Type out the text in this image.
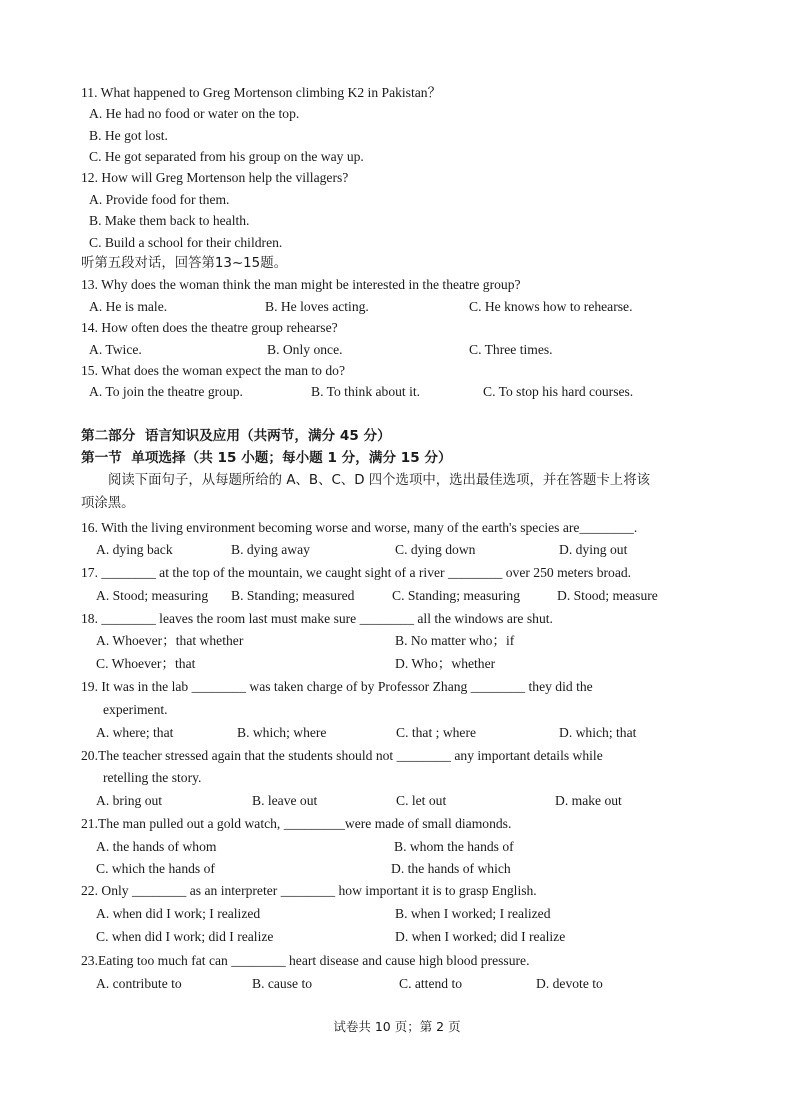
11. What happened to Greg Mortenson climbing K2 in Pakistan？
A. He had no food or water on the top.
B. He got lost.
C. He got separated from his group on the way up.
12. How will Greg Mortenson help the villagers?
A. Provide food for them.
B. Make them back to health.
C. Build a school for their children.
听第五段对话，回答第13~15题。
13. Why does the woman think the man might be interested in the theatre group?
A. He is male.	B. He loves acting.	C. He knows how to rehearse.
14. How often does the theatre group rehearse?
A. Twice.	B. Only once.	C. Three times.
15. What does the woman expect the man to do?
A. To join the theatre group.	B. To think about it.	C. To stop his hard courses.
第二部分  语言知识及应用（共两节，满分 45 分）
第一节  单项选择（共 15 小题；每小题 1 分，满分 15 分）
阅读下面句子，从每题所给的 A、B、C、D 四个选项中，选出最佳选项，并在答题卡上将该
项涂黑。
16. With the living environment becoming worse and worse, many of the earth's species are________.
A. dying back	B. dying away	C. dying down	D. dying out
17. ________ at the top of the mountain, we caught sight of a river ________ over 250 meters broad.
A. Stood; measuring B. Standing; measured	C. Standing; measuring	D. Stood; measure
18. ________ leaves the room last must make sure ________ all the windows are shut.
A. Whoever；that whether	B. No matter who；if
C. Whoever；that	D. Who；whether
19. It was in the lab ________ was taken charge of by Professor Zhang ________ they did the
experiment.
A. where; that	B. which; where	C. that ; where	D. which; that
20.The teacher stressed again that the students should not ________ any important details while
retelling the story.
A. bring out	B. leave out	C. let out	D. make out
21.The man pulled out a gold watch, _________were made of small diamonds.
A. the hands of whom	B. whom the hands of
C. which the hands of	D. the hands of which
22. Only ________ as an interpreter ________ how important it is to grasp English.
A. when did I work; I realized	B. when I worked; I realized
C. when did I work; did I realize	D. when I worked; did I realize
23.Eating too much fat can ________ heart disease and cause high blood pressure.
A. contribute to	B. cause to	C. attend to	D. devote to
试卷共 10 页；第 2 页
